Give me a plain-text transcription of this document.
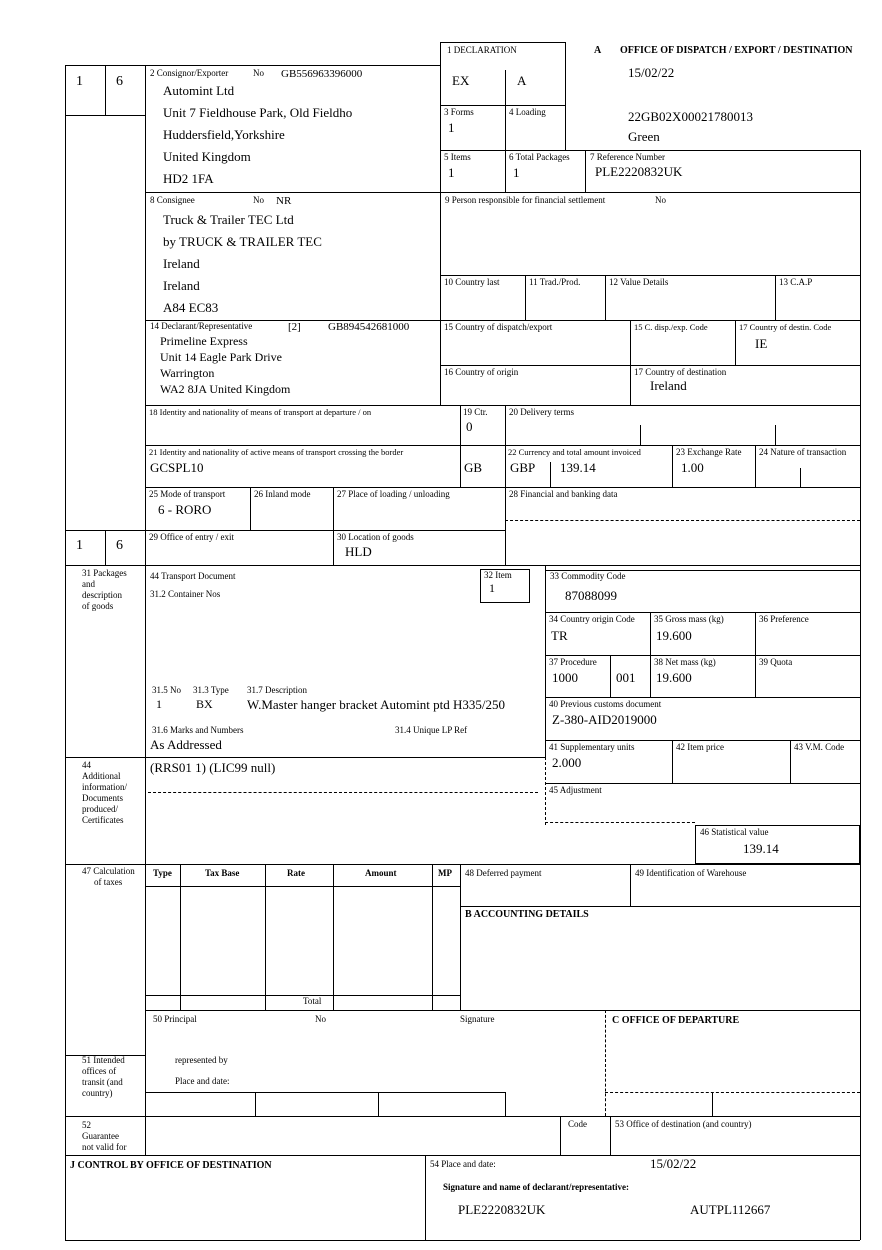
1 6
1 6
1 DECLARATION
EX	A
A OFFICE OF DISPATCH / EXPORT / DESTINATION
15/02/22
22GB02X00021780013
Green
2 Consignor/Exporter	No GB556963396000
Automint Ltd
Unit 7 Fieldhouse Park, Old Fieldho
Huddersfield,Yorkshire
United Kingdom
HD2 1FA
3 Forms
1
4 Loading
5 Items
1
6 Total Packages
1
7 Reference Number
PLE2220832UK
8 Consignee	No NR
Truck & Trailer TEC Ltd
by TRUCK & TRAILER TEC
Ireland
Ireland
A84 EC83
9 Person responsible for financial settlement	No
10 Country last	11 Trad./Prod.	12 Value Details	13 C.A.P
14 Declarant/Representative	[2] GB894542681000
Primeline Express
Unit 14 Eagle Park Drive
Warrington
WA2 8JA United Kingdom
15 Country of dispatch/export	15 C. disp./exp. Code	17 Country of destin. Code
IE
16 Country of origin	17 Country of destination
Ireland
18 Identity and nationality of means of transport at departure / on	19 Ctr.
0
20 Delivery terms
21 Identity and nationality of active means of transport crossing the border
GCSPL10	GB
22 Currency and total amount invoiced
GBP 139.14
23 Exchange Rate
1.00
24 Nature of transaction
25 Mode of transport
6 - RORO
26 Inland mode	27 Place of loading / unloading	28 Financial and banking data
29 Office of entry / exit	30 Location of goods
HLD
31 Packages
and
description
of goods
44 Transport Document
31.2 Container Nos
32 Item
1
33 Commodity Code
87088099
34 Country origin Code
TR
35 Gross mass (kg)
19.600
36 Preference
37 Procedure
1000	001
38 Net mass (kg)
19.600
39 Quota
31.5 No
1
31.3 Type
BX
31.7 Description
W.Master hanger bracket Automint ptd H335/250	40 Previous customs document
Z-380-AID2019000
31.6 Marks and Numbers	31.4 Unique LP Ref
As Addressed	41 Supplementary units
2.000
42 Item price	43 V.M. Code
44
Additional
information/
Documents
produced/
Certificates
(RRS01 1) (LIC99 null)
45 Adjustment
46 Statistical value
139.14
47 Calculation
of taxes
Type	Tax Base	Rate	Amount	MP
Total
48 Deferred payment	49 Identification of Warehouse
B ACCOUNTING DETAILS
50 Principal	No	Signature
represented by
Place and date:
C OFFICE OF DEPARTURE
51 Intended
offices of
transit (and
country)
52
Guarantee
not valid for
Code	53 Office of destination (and country)
J CONTROL BY OFFICE OF DESTINATION	54 Place and date:	15/02/22
Signature and name of declarant/representative:
PLE2220832UK	AUTPL112667
